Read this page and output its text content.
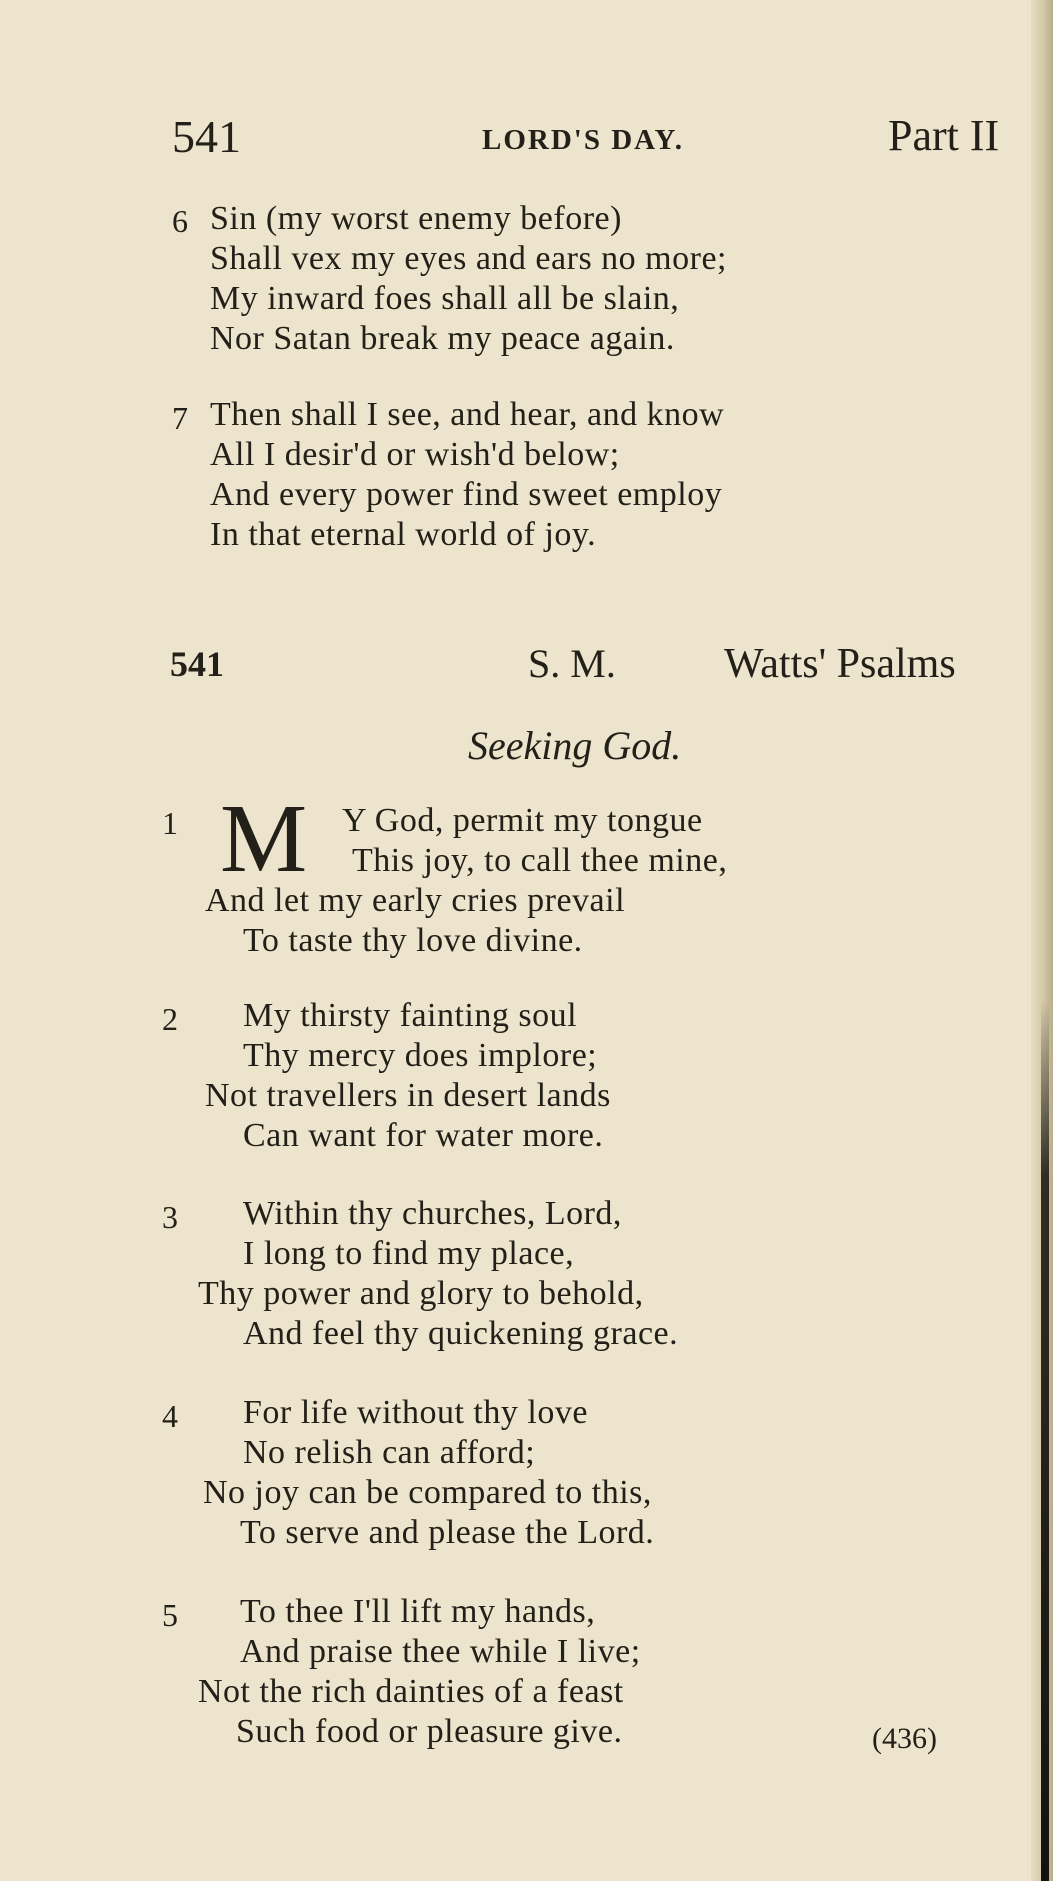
541	LORD'S DAY.	Part II
6 Sin (my worst enemy before)
Shall vex my eyes and ears no more;
My inward foes shall all be slain,
Nor Satan break my peace again.
7 Then shall I see, and hear, and know
All I desir'd or wish'd below;
And every power find sweet employ
In that eternal world of joy.
541	S. M.	Watts' Psalms
Seeking God.
1 M Y God, permit my tongue
This joy, to call thee mine,
And let my early cries prevail
To taste thy love divine.
2 My thirsty fainting soul
Thy mercy does implore;
Not travellers in desert lands
Can want for water more.
3 Within thy churches, Lord,
I long to find my place,
Thy power and glory to behold,
And feel thy quickening grace.
4 For life without thy love
No relish can afford;
No joy can be compared to this,
To serve and please the Lord.
5 To thee I'll lift my hands,
And praise thee while I live;
Not the rich dainties of a feast
Such food or pleasure give.	(436)
